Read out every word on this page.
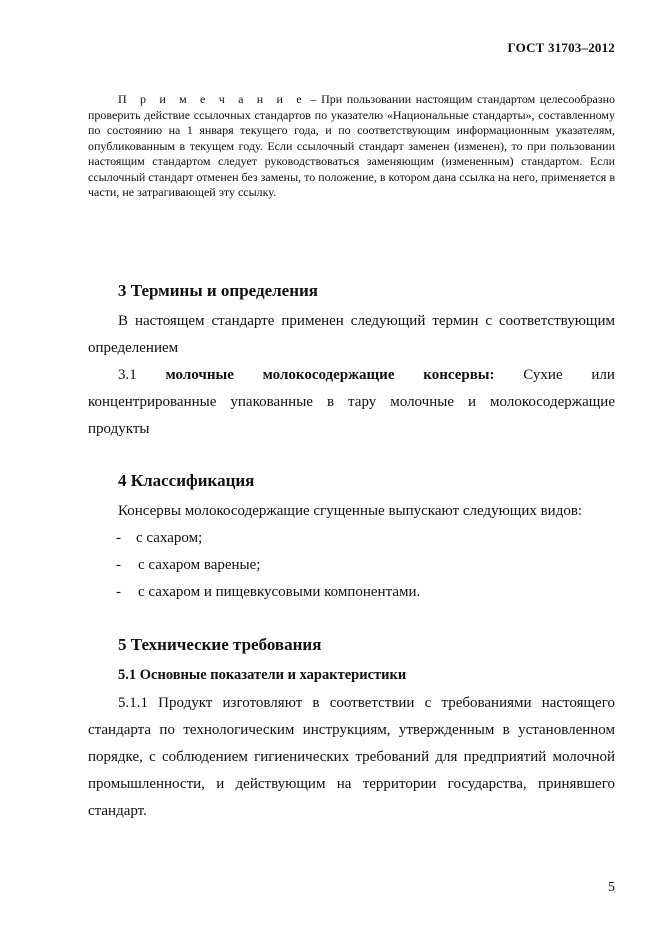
ГОСТ 31703–2012
П р и м е ч а н и е – При пользовании настоящим стандартом целесообразно проверить действие ссылочных стандартов по указателю «Национальные стандарты», составленному по состоянию на 1 января текущего года, и по соответствующим информационным указателям, опубликованным в текущем году. Если ссылочный стандарт заменен (изменен), то при пользовании настоящим стандартом следует руководствоваться заменяющим (измененным) стандартом. Если ссылочный стандарт отменен без замены, то положение, в котором дана ссылка на него, применяется в части, не затрагивающей эту ссылку.
3 Термины и определения
В настоящем стандарте применен следующий термин с соответствующим определением
3.1 молочные молокосодержащие консервы: Сухие или
концентрированные упакованные в тару молочные и молокосодержащие продукты
4 Классификация
Консервы молокосодержащие сгущенные выпускают следующих видов:
- с сахаром;
- с сахаром вареные;
- с сахаром и пищевкусовыми компонентами.
5 Технические требования
5.1 Основные показатели и характеристики
5.1.1 Продукт изготовляют в соответствии с требованиями настоящего стандарта по технологическим инструкциям, утвержденным в установленном порядке, с соблюдением гигиенических требований для предприятий молочной промышленности, и действующим на территории государства, принявшего стандарт.
5
